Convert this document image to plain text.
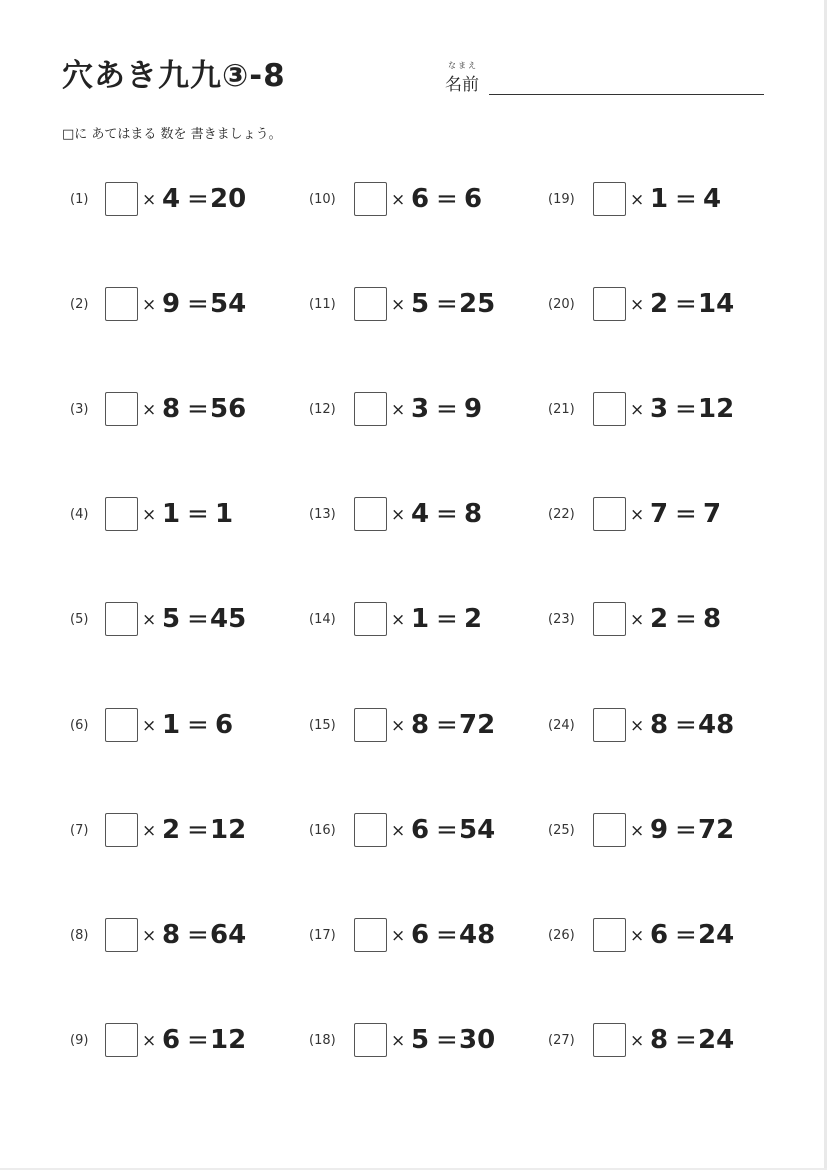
穴あき九九③-8	なまえ
名前
□に あてはまる 数を 書きましょう。
(1)	× 4 = 20
(2)	× 9 = 54
(3)	× 8 = 56
(4)	× 1 = 1
(5)	× 5 = 45
(6)	× 1 = 6
(7)	× 2 = 12
(8)	× 8 = 64
(9)	× 6 = 12
(10)	× 6 = 6
(11)	× 5 = 25
(12)	× 3 = 9
(13)	× 4 = 8
(14)	× 1 = 2
(15)	× 8 = 72
(16)	× 6 = 54
(17)	× 6 = 48
(18)	× 5 = 30
(19)	× 1 = 4
(20)	× 2 = 14
(21)	× 3 = 12
(22)	× 7 = 7
(23)	× 2 = 8
(24)	× 8 = 48
(25)	× 9 = 72
(26)	× 6 = 24
(27)	× 8 = 24
